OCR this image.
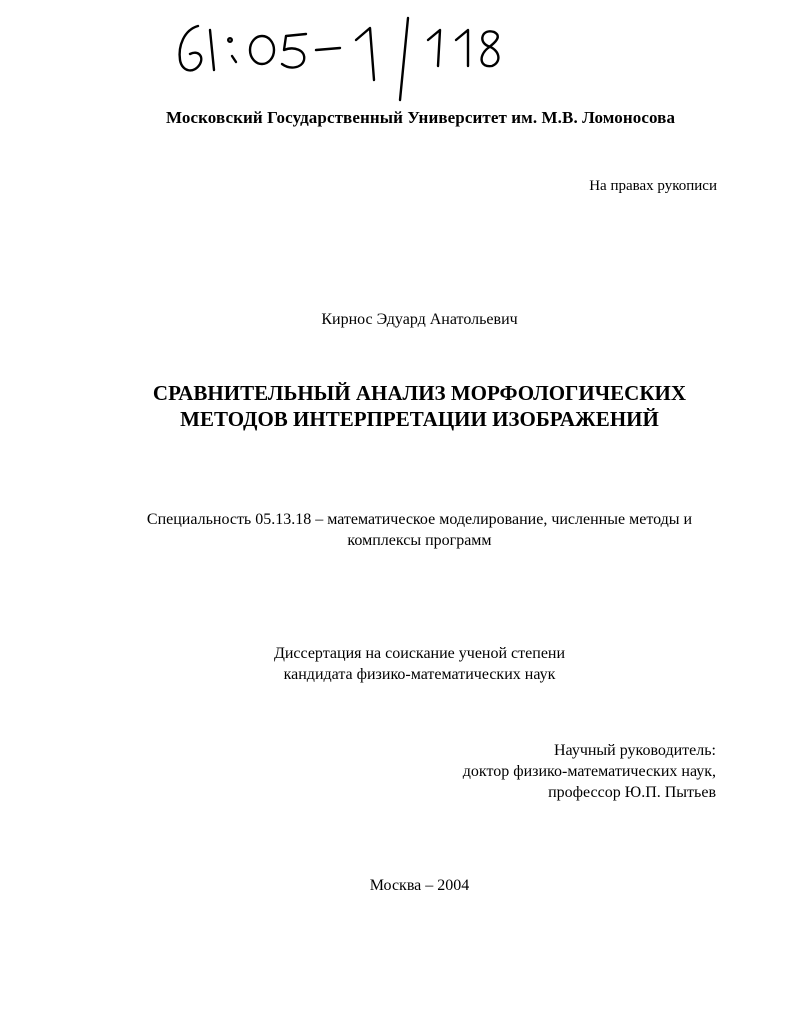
Московский Государственный Университет им. М.В. Ломоносова
На правах рукописи
Кирнос Эдуард Анатольевич
СРАВНИТЕЛЬНЫЙ АНАЛИЗ МОРФОЛОГИЧЕСКИХ
МЕТОДОВ ИНТЕРПРЕТАЦИИ ИЗОБРАЖЕНИЙ
Специальность 05.13.18 – математическое моделирование, численные методы и
комплексы программ
Диссертация на соискание ученой степени
кандидата физико-математических наук
Научный руководитель:
доктор физико-математических наук,
профессор Ю.П. Пытьев
Москва – 2004
